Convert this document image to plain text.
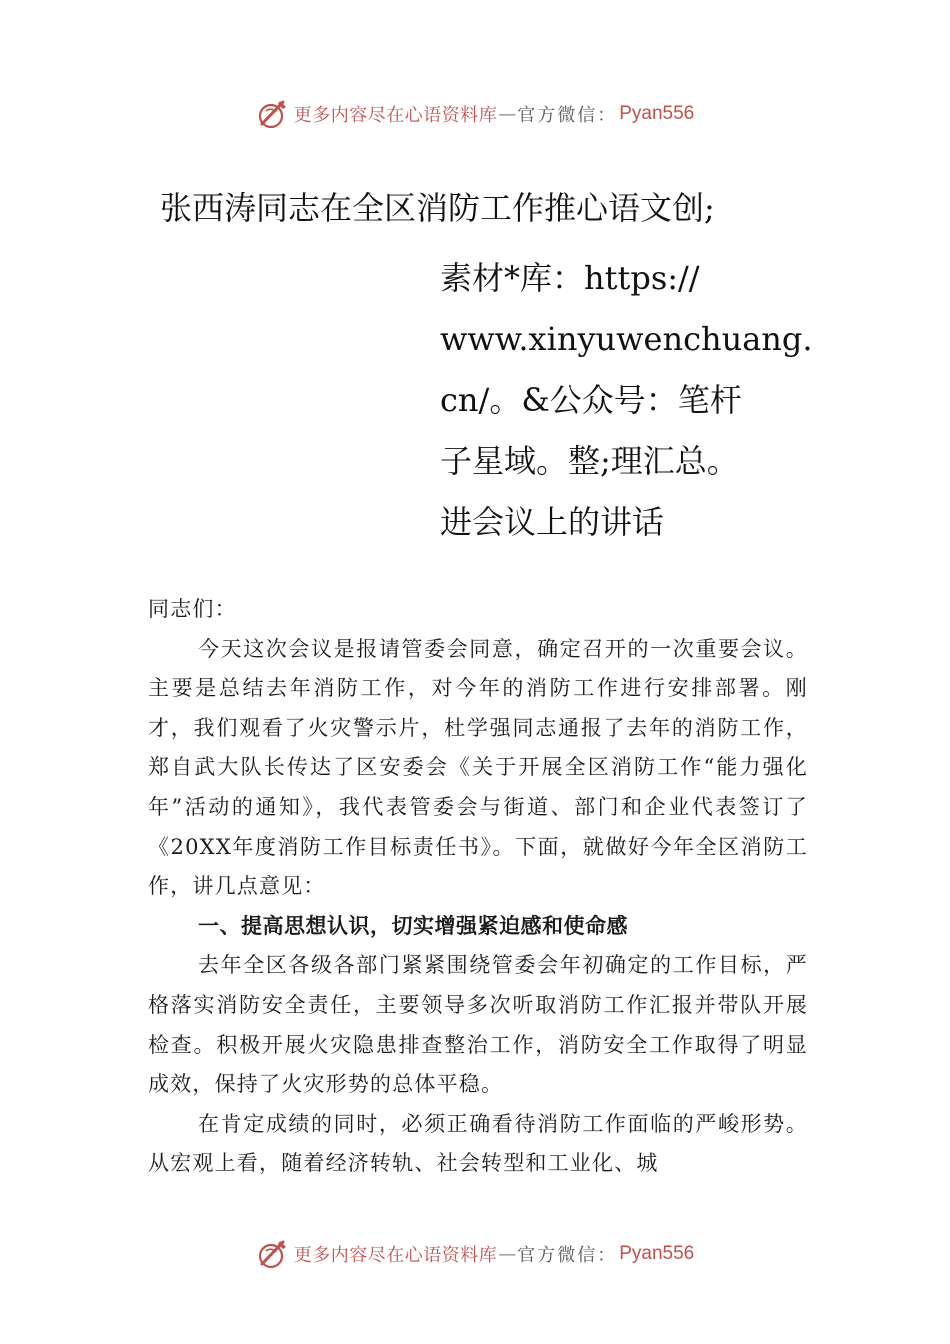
更多内容尽在心语资料库 — 官方微信： Pyan556
张西涛同志在全区消防工作推心语文创;
素材*库：https://
www.xinyuwenchuang.
cn/。&公众号：笔杆
子星域。整;理汇总。
进会议上的讲话

同志们：

今天这次会议是报请管委会同意，确定召开的一次重要会议。主要是总结去年消防工作，对今年的消防工作进行安排部署。刚才，我们观看了火灾警示片，杜学强同志通报了去年的消防工作，郑自武大队长传达了区安委会《关于开展全区消防工作“能力强化年”活动的通知》，我代表管委会与街道、部门和企业代表签订了《20XX年度消防工作目标责任书》。下面，就做好今年全区消防工作，讲几点意见：

一、提高思想认识，切实增强紧迫感和使命感

去年全区各级各部门紧紧围绕管委会年初确定的工作目标，严格落实消防安全责任，主要领导多次听取消防工作汇报并带队开展检查。积极开展火灾隐患排查整治工作，消防安全工作取得了明显成效，保持了火灾形势的总体平稳。

在肯定成绩的同时，必须正确看待消防工作面临的严峻形势。从宏观上看，随着经济转轨、社会转型和工业化、城

更多内容尽在心语资料库 — 官方微信： Pyan556
